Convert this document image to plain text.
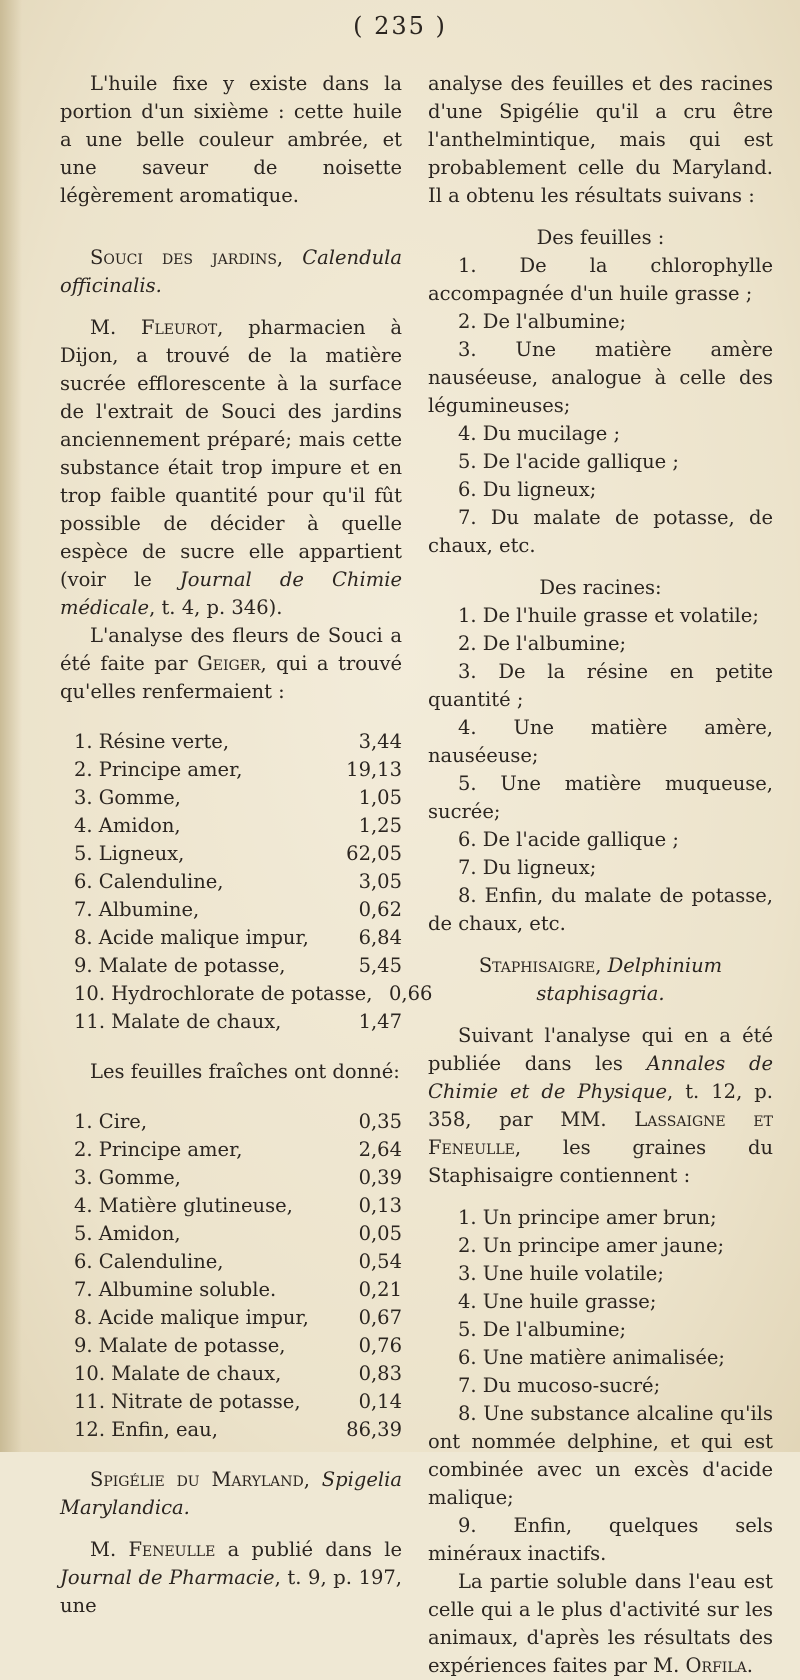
( 235 )

L'huile fixe y existe dans la portion d'un sixième : cette huile a une belle couleur ambrée, et une saveur de noisette légèrement aromatique.

Souci des jardins, Calendula officinalis.

M. Fleurot, pharmacien à Dijon, a trouvé de la matière sucrée efflorescente à la surface de l'extrait de Souci des jardins anciennement préparé; mais cette substance était trop impure et en trop faible quantité pour qu'il fût possible de décider à quelle espèce de sucre elle appartient (voir le Journal de Chimie médicale, t. 4, p. 346).

L'analyse des fleurs de Souci a été faite par Geiger, qui a trouvé qu'elles renfermaient :

1. Résine verte,	3,44
2. Principe amer,	19,13
3. Gomme,	1,05
4. Amidon,	1,25
5. Ligneux,	62,05
6. Calenduline,	3,05
7. Albumine,	0,62
8. Acide malique impur,	6,84
9. Malate de potasse,	5,45
10. Hydrochlorate de potasse, 0,66
11. Malate de chaux,	1,47

Les feuilles fraîches ont donné:

1. Cire,	0,35
2. Principe amer,	2,64
3. Gomme,	0,39
4. Matière glutineuse,	0,13
5. Amidon,	0,05
6. Calenduline,	0,54
7. Albumine soluble.	0,21
8. Acide malique impur,	0,67
9. Malate de potasse,	0,76
10. Malate de chaux,	0,83
11. Nitrate de potasse,	0,14
12. Enfin, eau,	86,39

Spigélie du Maryland, Spigelia Marylandica.

M. Feneulle a publié dans le Journal de Pharmacie, t. 9, p. 197, une

analyse des feuilles et des racines d'une Spigélie qu'il a cru être l'anthelmintique, mais qui est probablement celle du Maryland. Il a obtenu les résultats suivans :

Des feuilles :

1. De la chlorophylle accompagnée d'un huile grasse ;

2. De l'albumine;

3. Une matière amère nauséeuse, analogue à celle des légumineuses;

4. Du mucilage ;

5. De l'acide gallique ;

6. Du ligneux;

7. Du malate de potasse, de chaux, etc.

Des racines:

1. De l'huile grasse et volatile;

2. De l'albumine;

3. De la résine en petite quantité ;

4. Une matière amère, nauséeuse;

5. Une matière muqueuse, sucrée;

6. De l'acide gallique ;

7. Du ligneux;

8. Enfin, du malate de potasse, de chaux, etc.

Staphisaigre, Delphinium staphisagria.

Suivant l'analyse qui en a été publiée dans les Annales de Chimie et de Physique, t. 12, p. 358, par MM. Lassaigne et Feneulle, les graines du Staphisaigre contiennent :

1. Un principe amer brun;

2. Un principe amer jaune;

3. Une huile volatile;

4. Une huile grasse;

5. De l'albumine;

6. Une matière animalisée;

7. Du mucoso-sucré;

8. Une substance alcaline qu'ils ont nommée delphine, et qui est combinée avec un excès d'acide malique;

9. Enfin, quelques sels minéraux inactifs.

La partie soluble dans l'eau est celle qui a le plus d'activité sur les animaux, d'après les résultats des expériences faites par M. Orfila.
